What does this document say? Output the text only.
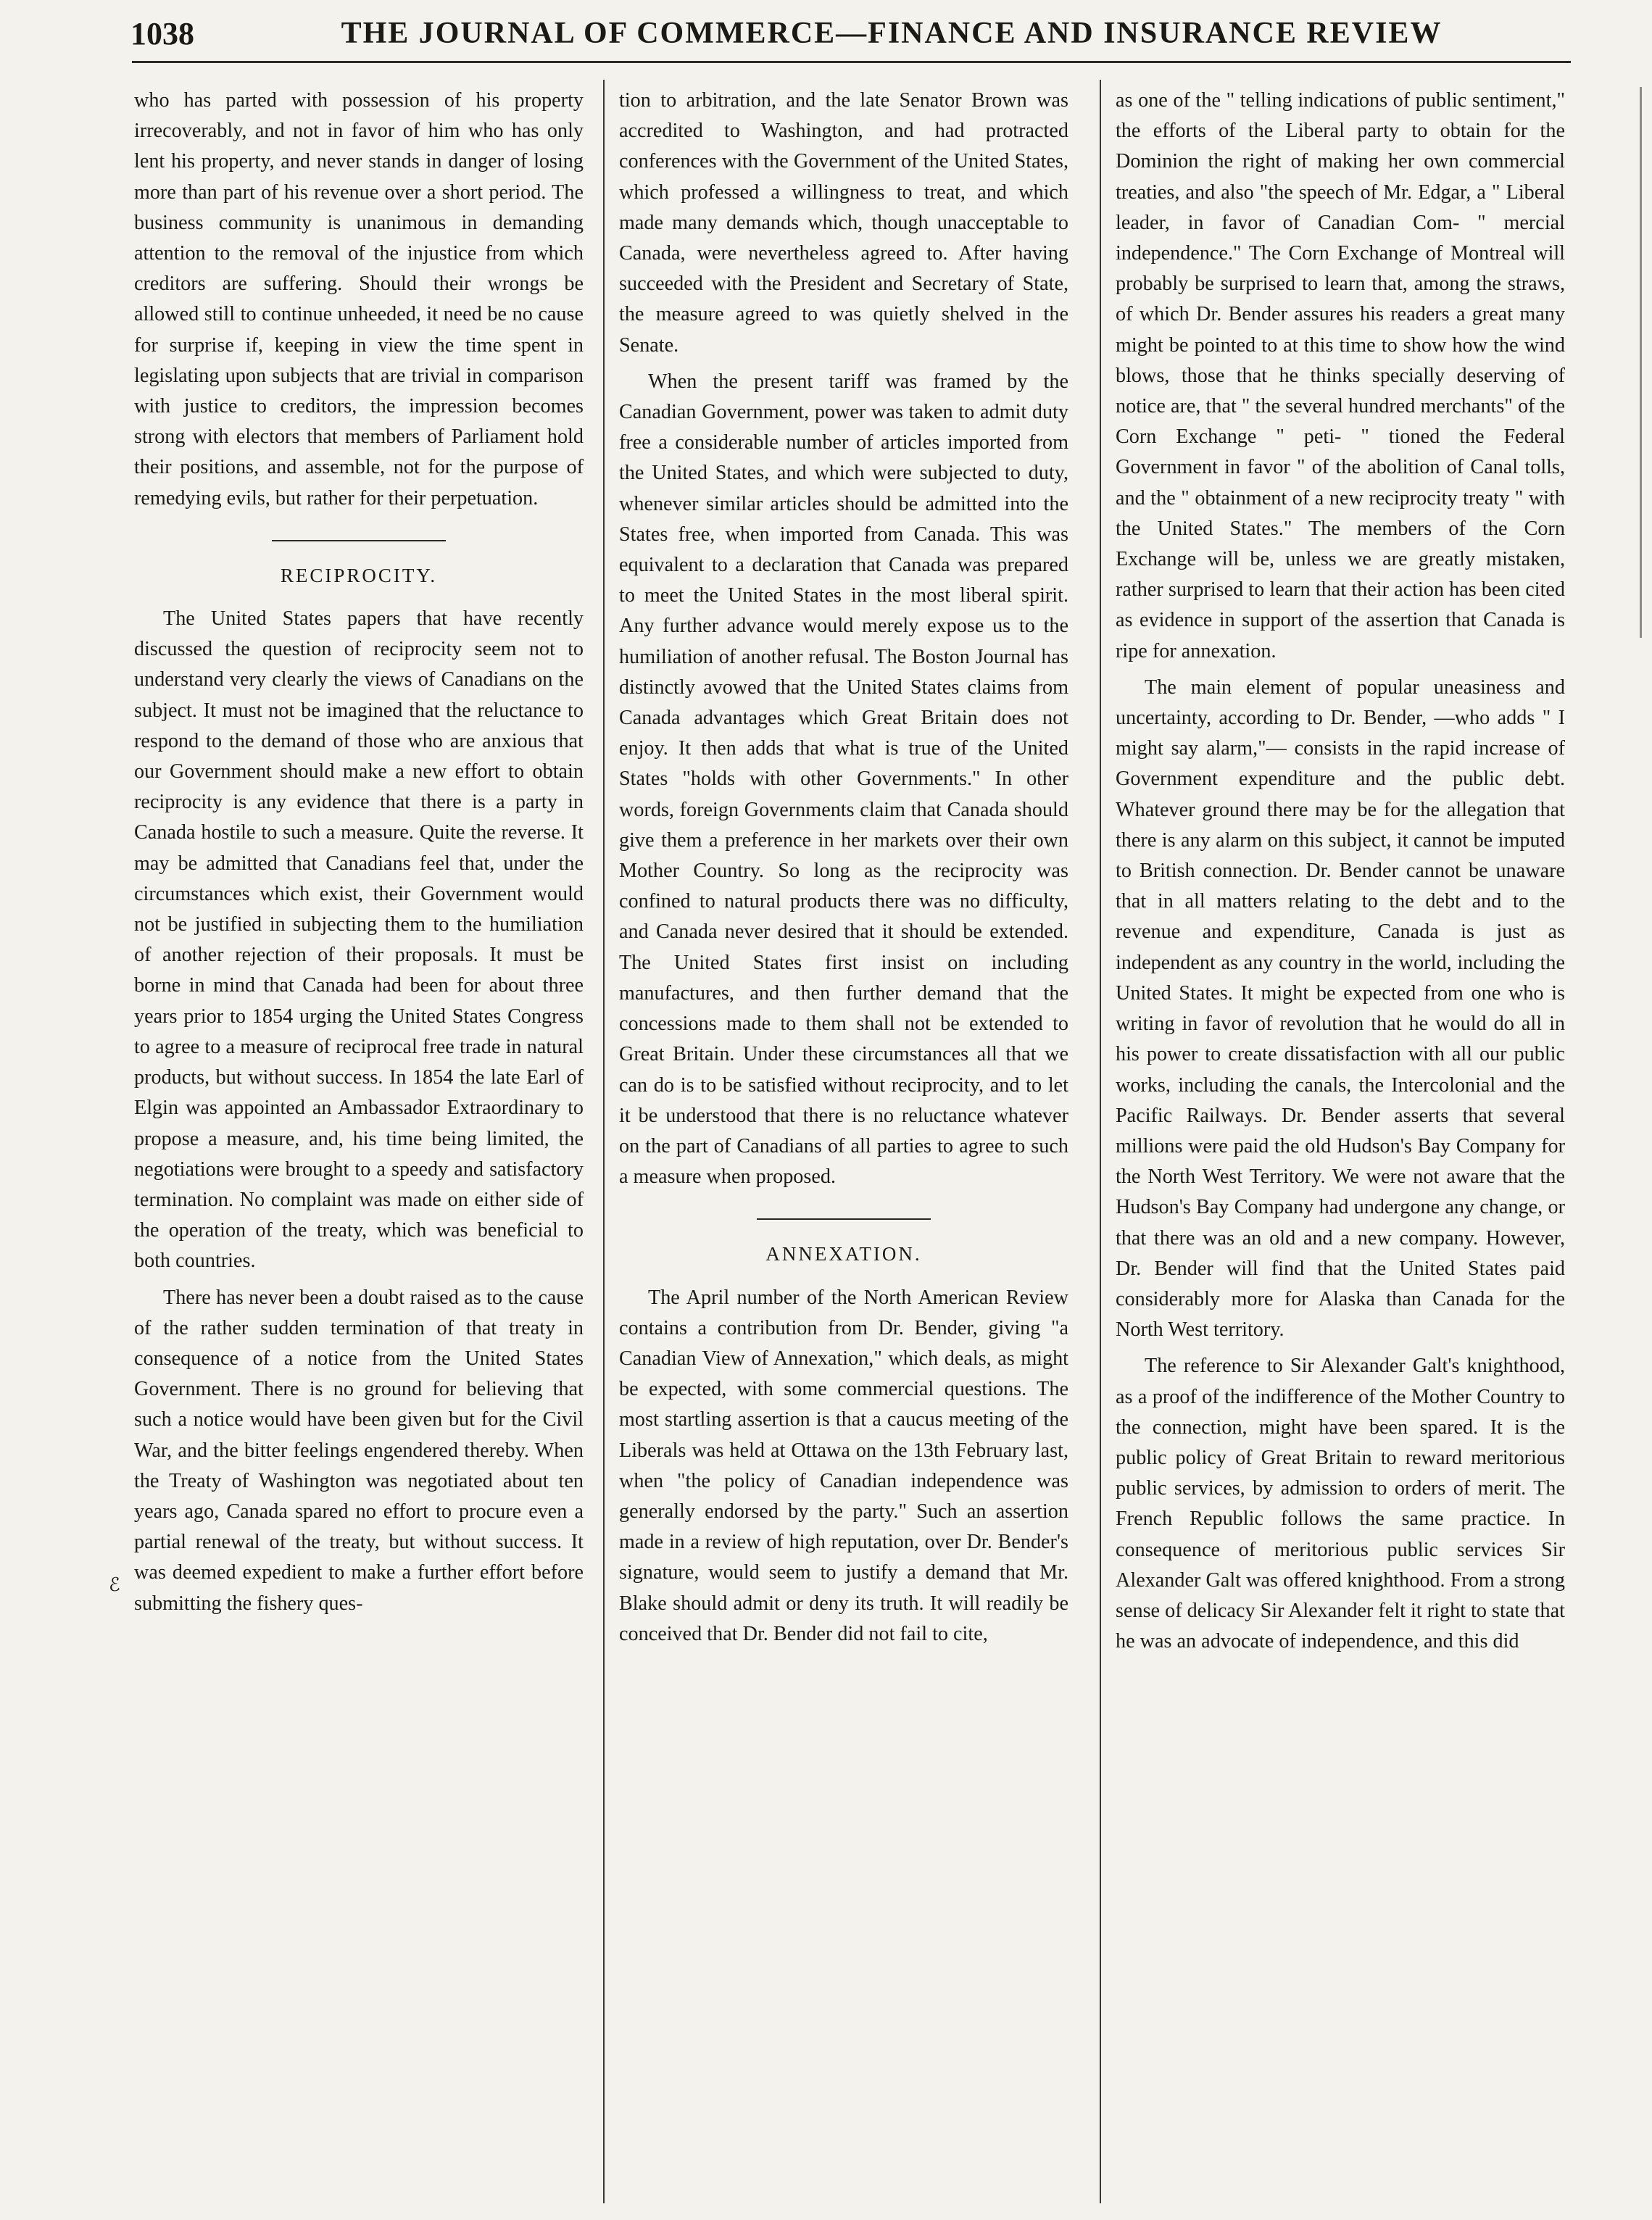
1038	THE JOURNAL OF COMMERCE—FINANCE AND INSURANCE REVIEW

who has parted with possession of his property irrecoverably, and not in favor of him who has only lent his property, and never stands in danger of losing more than part of his revenue over a short period. The business community is unanimous in demanding attention to the removal of the injustice from which creditors are suffering. Should their wrongs be allowed still to continue unheeded, it need be no cause for surprise if, keeping in view the time spent in legislating upon subjects that are trivial in comparison with justice to creditors, the impression becomes strong with electors that members of Parliament hold their positions, and assemble, not for the purpose of remedying evils, but rather for their perpetuation.

RECIPROCITY.

The United States papers that have recently discussed the question of reciprocity seem not to understand very clearly the views of Canadians on the subject. It must not be imagined that the reluctance to respond to the demand of those who are anxious that our Government should make a new effort to obtain reciprocity is any evidence that there is a party in Canada hostile to such a measure. Quite the reverse. It may be admitted that Canadians feel that, under the circumstances which exist, their Government would not be justified in subjecting them to the humiliation of another rejection of their proposals. It must be borne in mind that Canada had been for about three years prior to 1854 urging the United States Congress to agree to a measure of reciprocal free trade in natural products, but without success. In 1854 the late Earl of Elgin was appointed an Ambassador Extraordinary to propose a measure, and, his time being limited, the negotiations were brought to a speedy and satisfactory termination. No complaint was made on either side of the operation of the treaty, which was beneficial to both countries.

There has never been a doubt raised as to the cause of the rather sudden termination of that treaty in consequence of a notice from the United States Government. There is no ground for believing that such a notice would have been given but for the Civil War, and the bitter feelings engendered thereby. When the Treaty of Washington was negotiated about ten years ago, Canada spared no effort to procure even a partial renewal of the treaty, but without success. It was deemed expedient to make a further effort before submitting the fishery ques-

tion to arbitration, and the late Senator Brown was accredited to Washington, and had protracted conferences with the Government of the United States, which professed a willingness to treat, and which made many demands which, though unacceptable to Canada, were nevertheless agreed to. After having succeeded with the President and Secretary of State, the measure agreed to was quietly shelved in the Senate.

When the present tariff was framed by the Canadian Government, power was taken to admit duty free a considerable number of articles imported from the United States, and which were subjected to duty, whenever similar articles should be admitted into the States free, when imported from Canada. This was equivalent to a declaration that Canada was prepared to meet the United States in the most liberal spirit. Any further advance would merely expose us to the humiliation of another refusal. The Boston Journal has distinctly avowed that the United States claims from Canada advantages which Great Britain does not enjoy. It then adds that what is true of the United States "holds with other Governments." In other words, foreign Governments claim that Canada should give them a preference in her markets over their own Mother Country. So long as the reciprocity was confined to natural products there was no difficulty, and Canada never desired that it should be extended. The United States first insist on including manufactures, and then further demand that the concessions made to them shall not be extended to Great Britain. Under these circumstances all that we can do is to be satisfied without reciprocity, and to let it be understood that there is no reluctance whatever on the part of Canadians of all parties to agree to such a measure when proposed.

ANNEXATION.

The April number of the North American Review contains a contribution from Dr. Bender, giving "a Canadian View of Annexation," which deals, as might be expected, with some commercial questions. The most startling assertion is that a caucus meeting of the Liberals was held at Ottawa on the 13th February last, when "the policy of Canadian independence was generally endorsed by the party." Such an assertion made in a review of high reputation, over Dr. Bender's signature, would seem to justify a demand that Mr. Blake should admit or deny its truth. It will readily be conceived that Dr. Bender did not fail to cite,

as one of the " telling indications of public sentiment," the efforts of the Liberal party to obtain for the Dominion the right of making her own commercial treaties, and also "the speech of Mr. Edgar, a " Liberal leader, in favor of Canadian Com- " mercial independence." The Corn Exchange of Montreal will probably be surprised to learn that, among the straws, of which Dr. Bender assures his readers a great many might be pointed to at this time to show how the wind blows, those that he thinks specially deserving of notice are, that " the several hundred merchants" of the Corn Exchange " peti- " tioned the Federal Government in favor " of the abolition of Canal tolls, and the " obtainment of a new reciprocity treaty " with the United States." The members of the Corn Exchange will be, unless we are greatly mistaken, rather surprised to learn that their action has been cited as evidence in support of the assertion that Canada is ripe for annexation.

The main element of popular uneasiness and uncertainty, according to Dr. Bender, —who adds " I might say alarm,"— consists in the rapid increase of Government expenditure and the public debt. Whatever ground there may be for the allegation that there is any alarm on this subject, it cannot be imputed to British connection. Dr. Bender cannot be unaware that in all matters relating to the debt and to the revenue and expenditure, Canada is just as independent as any country in the world, including the United States. It might be expected from one who is writing in favor of revolution that he would do all in his power to create dissatisfaction with all our public works, including the canals, the Intercolonial and the Pacific Railways. Dr. Bender asserts that several millions were paid the old Hudson's Bay Company for the North West Territory. We were not aware that the Hudson's Bay Company had undergone any change, or that there was an old and a new company. However, Dr. Bender will find that the United States paid considerably more for Alaska than Canada for the North West territory.

The reference to Sir Alexander Galt's knighthood, as a proof of the indifference of the Mother Country to the connection, might have been spared. It is the public policy of Great Britain to reward meritorious public services, by admission to orders of merit. The French Republic follows the same practice. In consequence of meritorious public services Sir Alexander Galt was offered knighthood. From a strong sense of delicacy Sir Alexander felt it right to state that he was an advocate of independence, and this did

ℰ
